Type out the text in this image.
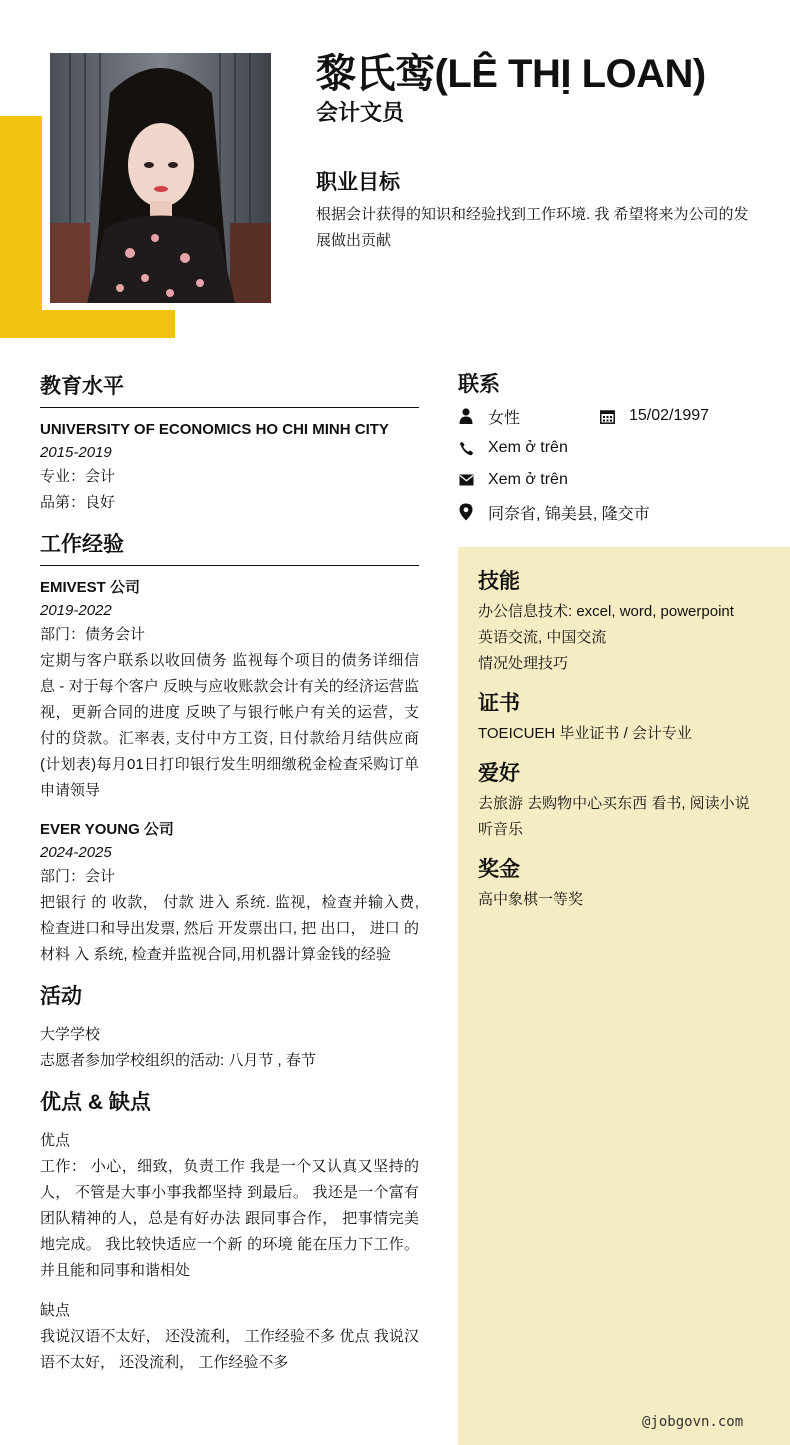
黎氏鸾(LÊ THỊ LOAN)
会计文员
职业目标
根据会计获得的知识和经验找到工作环境. 我 希望将来为公司的发展做出贡献
教育水平
UNIVERSITY OF ECONOMICS HO CHI MINH CITY
2015-2019
专业：会计
品第：良好
工作经验
EMIVEST 公司
2019-2022
部门：债务会计
定期与客户联系以收回债务 监视每个项目的债务详细信息 - 对于每个客户 反映与应收账款会计有关的经济运营监视，更新合同的进度 反映了与银行帐户有关的运营，支付的贷款。汇率表, 支付中方工资, 日付款给月结供应商(计划表)每月01日打印银行发生明细缴税金检查采购订单申请领导
EVER YOUNG 公司
2024-2025
部门：会计
把银行 的 收款， 付款 进入 系统. 监视，检查并输入费, 检查进口和导出发票, 然后 开发票出口, 把 出口， 进口 的 材料 入 系统, 检查并监视合同,用机器计算金钱的经验
活动
大学学校
志愿者参加学校组织的活动: 八月节 , 春节
优点 & 缺点
优点
工作： 小心，细致，负责工作 我是一个又认真又坚持的人， 不管是大事小事我都坚持 到最后。 我还是一个富有团队精神的人，总是有好办法 跟同事合作， 把事情完美地完成。 我比较快适应一个新 的环境 能在压力下工作。并且能和同事和谐相处
缺点
我说汉语不太好， 还没流利， 工作经验不多 优点 我说汉语不太好， 还没流利， 工作经验不多
联系
女性	15/02/1997
Xem ở trên
Xem ở trên
同奈省, 锦美县, 隆交市
技能
办公信息技术: excel, word, powerpoint
英语交流, 中国交流
情况处理技巧
证书
TOEICUEH 毕业证书 / 会计专业
爱好
去旅游 去购物中心买东西 看书, 阅读小说
听音乐
奖金
高中象棋一等奖
@jobgovn.com
